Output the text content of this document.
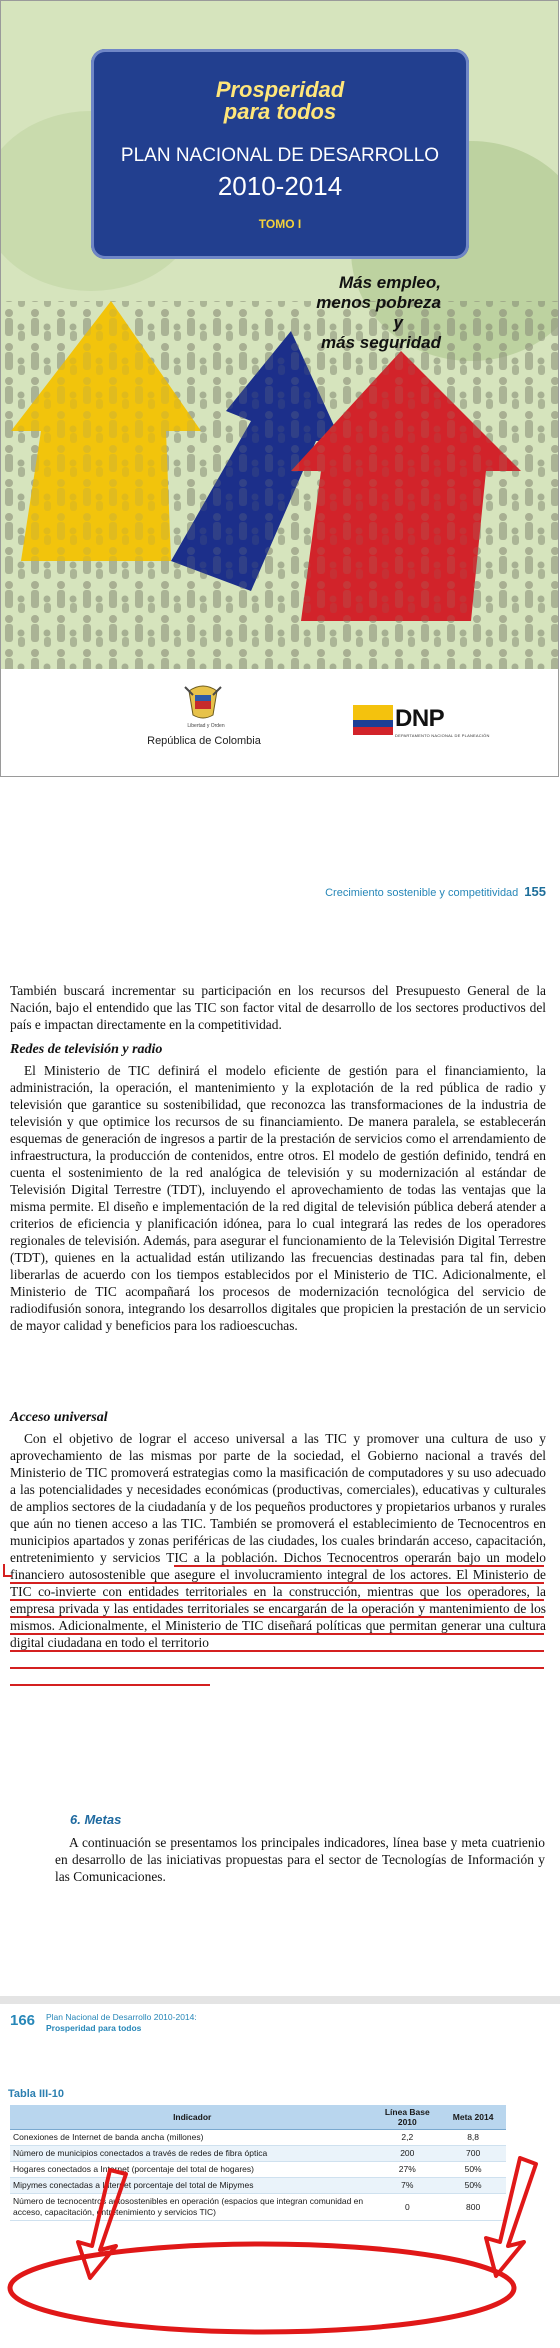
Prosperidad
para todos
PLAN NACIONAL DE DESARROLLO
2010-2014
TOMO I
Más empleo,
menos pobreza
y
más seguridad
Libertad y Orden
República de Colombia
DNP
DEPARTAMENTO NACIONAL DE PLANEACIÓN
Crecimiento sostenible y competitividad 155

También buscará incrementar su participación en los recursos del Presupuesto General de la Nación, bajo el entendido que las TIC son factor vital de desarrollo de los sectores productivos del país e impactan directamente en la competitividad.

Redes de televisión y radio

El Ministerio de TIC definirá el modelo eficiente de gestión para el financiamiento, la administración, la operación, el mantenimiento y la explotación de la red pública de radio y televisión que garantice su sostenibilidad, que reconozca las transformaciones de la industria de televisión y que optimice los recursos de su financiamiento. De manera paralela, se establecerán esquemas de generación de ingresos a partir de la prestación de servicios como el arrendamiento de infraestructura, la producción de contenidos, entre otros. El modelo de gestión definido, tendrá en cuenta el sostenimiento de la red analógica de televisión y su modernización al estándar de Televisión Digital Terrestre (TDT), incluyendo el aprovechamiento de todas las ventajas que la misma permite. El diseño e implementación de la red digital de televisión pública deberá atender a criterios de eficiencia y planificación idónea, para lo cual integrará las redes de los operadores regionales de televisión. Además, para asegurar el funcionamiento de la Televisión Digital Terrestre (TDT), quienes en la actualidad están utilizando las frecuencias destinadas para tal fin, deben liberarlas de acuerdo con los tiempos establecidos por el Ministerio de TIC. Adicionalmente, el Ministerio de TIC acompañará los procesos de modernización tecnológica del servicio de radiodifusión sonora, integrando los desarrollos digitales que propicien la prestación de un servicio de mayor calidad y beneficios para los radioescuchas.

Acceso universal

Con el objetivo de lograr el acceso universal a las TIC y promover una cultura de uso y aprovechamiento de las mismas por parte de la sociedad, el Gobierno nacional a través del Ministerio de TIC promoverá estrategias como la masificación de computadores y su uso adecuado a las potencialidades y necesidades económicas (productivas, comerciales), educativas y culturales de amplios sectores de la ciudadanía y de los pequeños productores y propietarios urbanos y rurales que aún no tienen acceso a las TIC. También se promoverá el establecimiento de Tecnocentros en municipios apartados y zonas periféricas de las ciudades, los cuales brindarán acceso, capacitación, entretenimiento y servicios TIC a la población. Dichos Tecnocentros operarán bajo un modelo financiero autosostenible que asegure el involucramiento integral de los actores. El Ministerio de TIC co-invierte con entidades territoriales en la construcción, mientras que los operadores, la empresa privada y las entidades territoriales se encargarán de la operación y mantenimiento de los mismos. Adicionalmente, el Ministerio de TIC diseñará políticas que permitan generar una cultura digital ciudadana en todo el territorio

6. Metas

A continuación se presentamos los principales indicadores, línea base y meta cuatrienio en desarrollo de las iniciativas propuestas para el sector de Tecnologías de Información y las Comunicaciones.

166 Plan Nacional de Desarrollo 2010-2014:
Prosperidad para todos
Tabla III-10
Indicador	Línea Base 2010	Meta 2014
Conexiones de Internet de banda ancha (millones)	2,2	8,8
Número de municipios conectados a través de redes de fibra óptica	200	700
Hogares conectados a Internet (porcentaje del total de hogares)	27%	50%
Mipymes conectadas a Internet porcentaje del total de Mipymes	7%	50%
Número de tecnocentros autosostenibles en operación (espacios que integran comunidad en acceso, capacitación, entretenimiento y servicios TIC)	0	800
